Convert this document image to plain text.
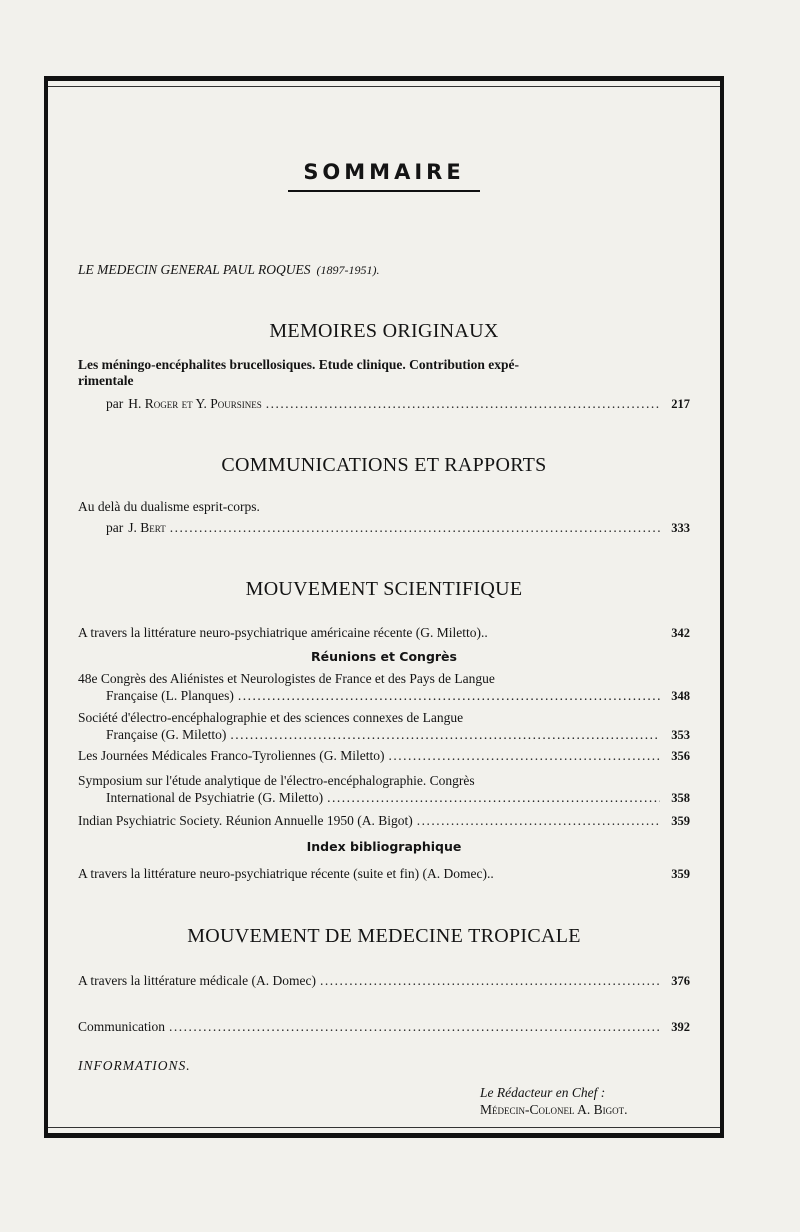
SOMMAIRE
LE MEDECIN GENERAL PAUL ROQUES (1897-1951).
MEMOIRES ORIGINAUX
Les méningo-encéphalites brucellosiques. Etude clinique. Contribution expé-
rimentale
par H. Roger et Y. Poursines .....	217
COMMUNICATIONS ET RAPPORTS
Au delà du dualisme esprit-corps.
par J. Bert .....	333
MOUVEMENT SCIENTIFIQUE
A travers la littérature neuro-psychiatrique américaine récente (G. Miletto)..	342
Réunions et Congrès
48e Congrès des Aliénistes et Neurologistes de France et des Pays de Langue
Française (L. Planques) .....	348
Société d'électro-encéphalographie et des sciences connexes de Langue
Française (G. Miletto) .....	353
Les Journées Médicales Franco-Tyroliennes (G. Miletto) .....	356
Symposium sur l'étude analytique de l'électro-encéphalographie. Congrès
International de Psychiatrie (G. Miletto) .....	358
Indian Psychiatric Society. Réunion Annuelle 1950 (A. Bigot) .....	359
Index bibliographique
A travers la littérature neuro-psychiatrique récente (suite et fin) (A. Domec)..	359
MOUVEMENT DE MEDECINE TROPICALE
A travers la littérature médicale (A. Domec) .....	376
Communication .....	392
INFORMATIONS.
Le Rédacteur en Chef :
Médecin-Colonel A. Bigot.
